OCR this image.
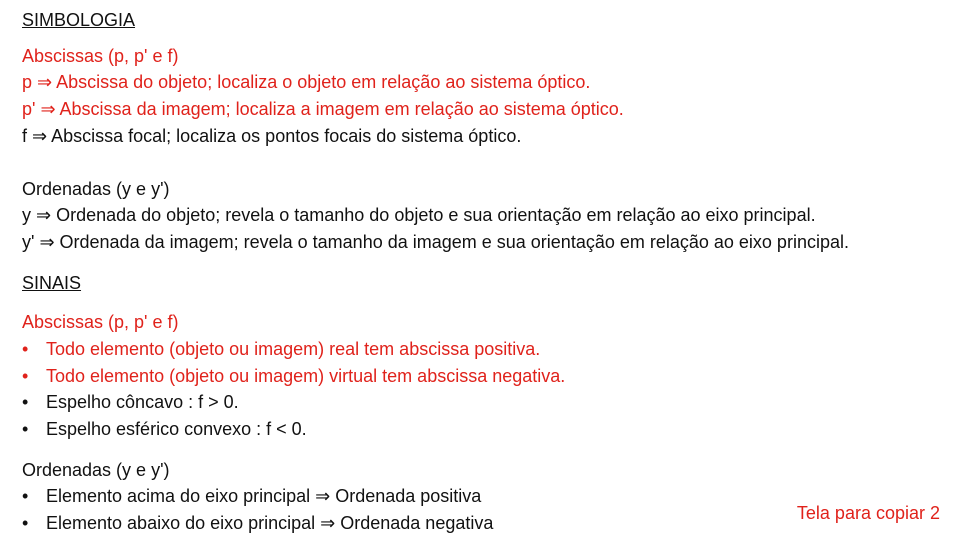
SIMBOLOGIA
Abscissas (p, p' e f)
p ⇒ Abscissa do objeto; localiza o objeto em relação ao sistema óptico.
p' ⇒ Abscissa da imagem; localiza a imagem em relação ao sistema óptico.
f ⇒ Abscissa focal; localiza os pontos focais do sistema óptico.
Ordenadas (y e y')
y ⇒ Ordenada do objeto; revela o tamanho do objeto e sua orientação em relação ao eixo principal.
y' ⇒ Ordenada da imagem; revela o tamanho da imagem e sua orientação em relação ao eixo principal.
SINAIS
Abscissas (p, p' e f)
• Todo elemento (objeto ou imagem) real tem abscissa positiva.
• Todo elemento (objeto ou imagem) virtual tem abscissa negativa.
• Espelho côncavo : f > 0.
• Espelho esférico convexo : f < 0.
Ordenadas (y e y')
• Elemento acima do eixo principal ⇒ Ordenada positiva
• Elemento abaixo do eixo principal ⇒ Ordenada negativa	Tela para copiar 2
